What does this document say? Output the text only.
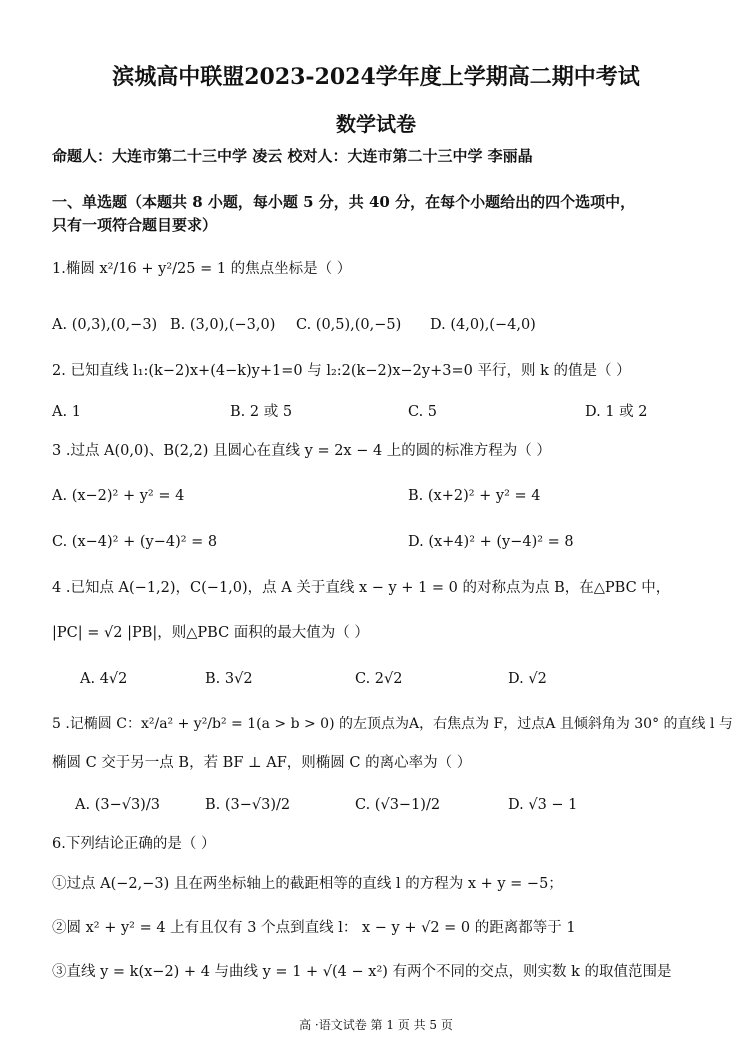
滨城高中联盟2023-2024学年度上学期高二期中考试
数学试卷
命题人：大连市第二十三中学 凌云 校对人：大连市第二十三中学 李丽晶
一、单选题（本题共 8 小题，每小题 5 分，共 40 分，在每个小题给出的四个选项中，
只有一项符合题目要求）
1.椭圆 x²/16 + y²/25 = 1 的焦点坐标是（ ）
A. (0,3),(0,−3) B. (3,0),(−3,0) C. (0,5),(0,−5) D. (4,0),(−4,0)
2. 已知直线 l₁:(k−2)x+(4−k)y+1=0 与 l₂:2(k−2)x−2y+3=0 平行，则 k 的值是（ ）
A. 1	B. 2 或 5	C. 5	D. 1 或 2
3 .过点 A(0,0)、B(2,2) 且圆心在直线 y = 2x − 4 上的圆的标准方程为（ ）
A. (x−2)² + y² = 4	B. (x+2)² + y² = 4
C. (x−4)² + (y−4)² = 8	D. (x+4)² + (y−4)² = 8
4 .已知点 A(−1,2)，C(−1,0)，点 A 关于直线 x − y + 1 = 0 的对称点为点 B，在△PBC 中，
|PC| = √2 |PB|，则△PBC 面积的最大值为（ ）
A. 4√2	B. 3√2	C. 2√2	D. √2
5 .记椭圆 C：x²/a² + y²/b² = 1(a > b > 0) 的左顶点为A，右焦点为 F，过点A 且倾斜角为 30° 的直线 l 与
椭圆 C 交于另一点 B，若 BF ⊥ AF，则椭圆 C 的离心率为（ ）
A. (3−√3)/3	B. (3−√3)/2	C. (√3−1)/2	D. √3 − 1
6.下列结论正确的是（ ）
①过点 A(−2,−3) 且在两坐标轴上的截距相等的直线 l 的方程为 x + y = −5；
②圆 x² + y² = 4 上有且仅有 3 个点到直线 l： x − y + √2 = 0 的距离都等于 1
③直线 y = k(x−2) + 4 与曲线 y = 1 + √(4 − x²) 有两个不同的交点，则实数 k 的取值范围是
高 ·语文试卷 第 1 页 共 5 页
